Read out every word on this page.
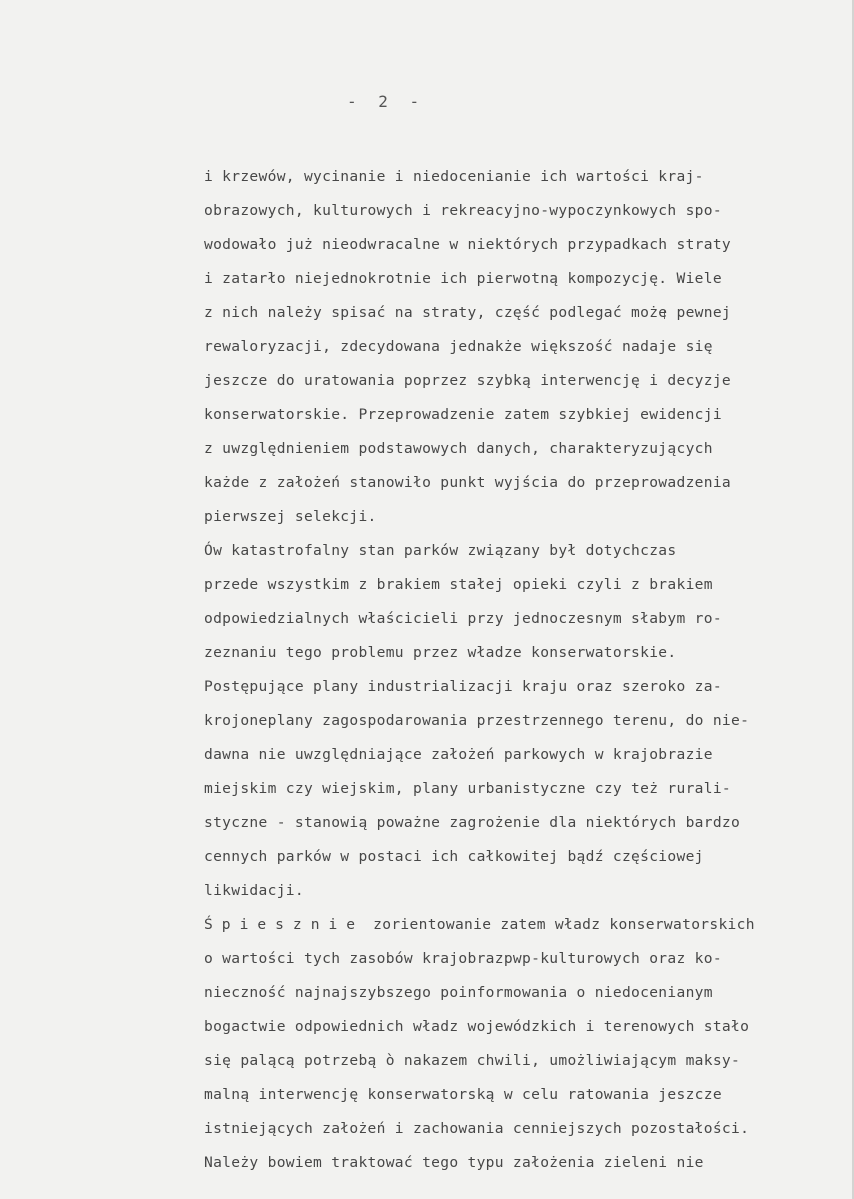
- 2 -
i krzewów, wycinanie i niedocenianie ich wartości kraj-
obrazowych, kulturowych i rekreacyjno-wypoczynkowych spo-
wodowało już nieodwracalne w niektórych przypadkach straty
i zatarło niejednokrotnie ich pierwotną kompozycję. Wiele
z nich należy spisać na straty, część podlegać może pewnej
rewaloryzacji, zdecydowana jednakże większość nadaje się
jeszcze do uratowania poprzez szybką interwencję i decyzje
konserwatorskie. Przeprowadzenie zatem szybkiej ewidencji
z uwzględnieniem podstawowych danych, charakteryzujących
każde z założeń stanowiło punkt wyjścia do przeprowadzenia
pierwszej selekcji.
Ów katastrofalny stan parków związany był dotychczas
przede wszystkim z brakiem stałej opieki czyli z brakiem
odpowiedzialnych właścicieli przy jednoczesnym słabym ro-
zeznaniu tego problemu przez władze konserwatorskie.
Postępujące plany industrializacji kraju oraz szeroko za-
krojoneplany zagospodarowania przestrzennego terenu, do nie-
dawna nie uwzględniające założeń parkowych w krajobrazie
miejskim czy wiejskim, plany urbanistyczne czy też rurali-
styczne - stanowią poważne zagrożenie dla niektórych bardzo
cennych parków w postaci ich całkowitej bądź częściowej
likwidacji.
Śpiesznie zorientowanie zatem władz konserwatorskich
o wartości tych zasobów krajobrazpwp-kulturowych oraz ko-
nieczność najnajszybszego poinformowania o niedocenianym
bogactwie odpowiednich władz wojewódzkich i terenowych stało
się palącą potrzebą ò nakazem chwili, umożliwiającym maksy-
malną interwencję konserwatorską w celu ratowania jeszcze
istniejących założeń i zachowania cenniejszych pozostałości.
Należy bowiem traktować tego typu założenia zieleni nie
